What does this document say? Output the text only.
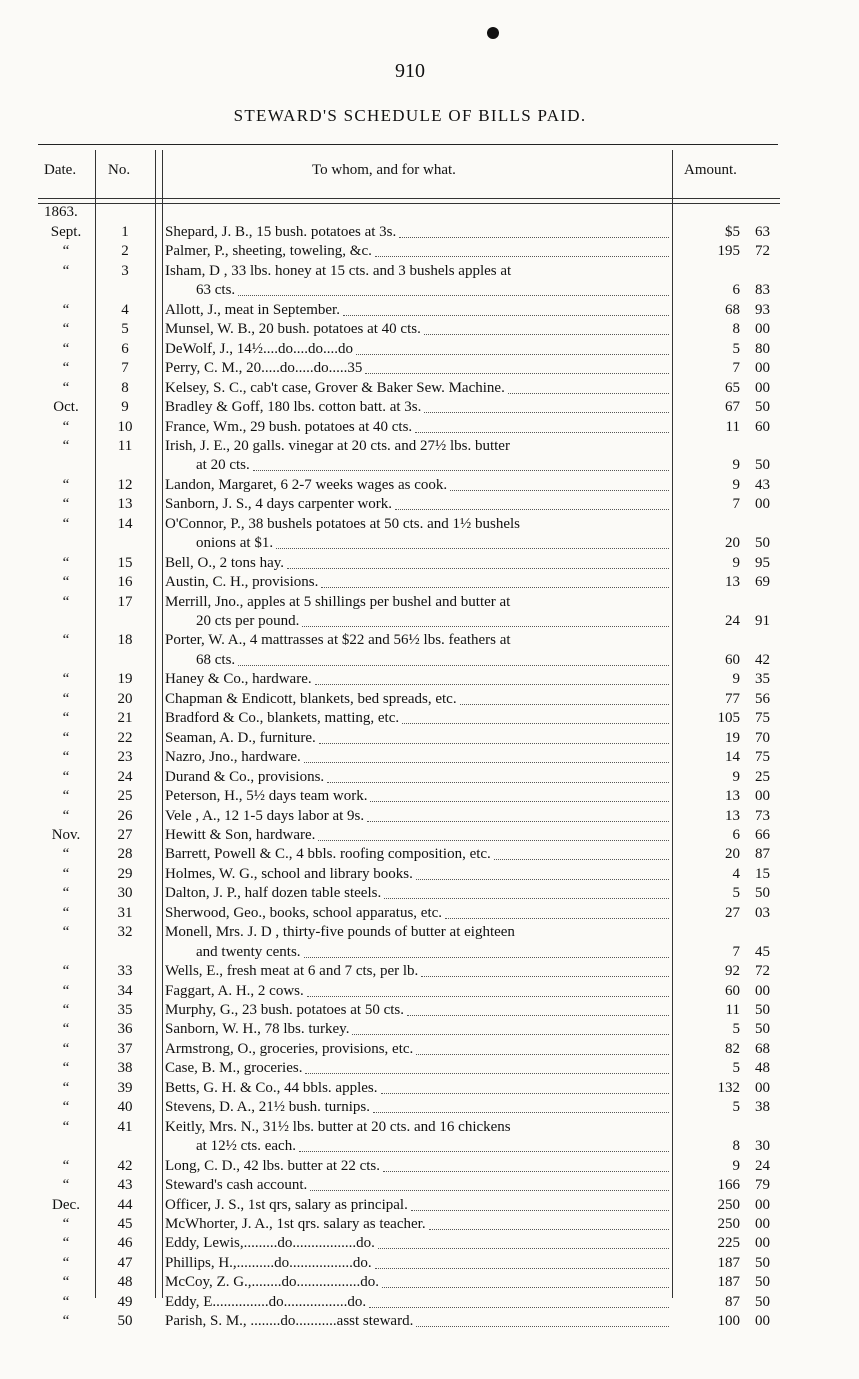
910
STEWARD'S SCHEDULE OF BILLS PAID.
Date. No.	To whom, and for what.	Amount.
1863.
Sept.	1	Shepard, J. B., 15 bush. potatoes at 3s.	$5	63
“	2	Palmer, P., sheeting, toweling, &c.	195	72
“	3	Isham, D , 33 lbs. honey at 15 cts. and 3 bushels apples at
63 cts.	6	83
“	4	Allott, J., meat in September.	68	93
“	5	Munsel, W. B., 20 bush. potatoes at 40 cts.	8	00
“	6	DeWolf, J., 14½....do....do....do	5	80
“	7	Perry, C. M., 20.....do.....do.....35	7	00
“	8	Kelsey, S. C., cab't case, Grover & Baker Sew. Machine.	65	00
Oct.	9	Bradley & Goff, 180 lbs. cotton batt. at 3s.	67	50
“	10	France, Wm., 29 bush. potatoes at 40 cts.	11	60
“	11	Irish, J. E., 20 galls. vinegar at 20 cts. and 27½ lbs. butter
at 20 cts.	9	50
“	12	Landon, Margaret, 6 2-7 weeks wages as cook.	9	43
“	13	Sanborn, J. S., 4 days carpenter work.	7	00
“	14	O'Connor, P., 38 bushels potatoes at 50 cts. and 1½ bushels
onions at $1.	20	50
“	15	Bell, O., 2 tons hay.	9	95
“	16	Austin, C. H., provisions.	13	69
“	17	Merrill, Jno., apples at 5 shillings per bushel and butter at
20 cts per pound.	24	91
“	18	Porter, W. A., 4 mattrasses at $22 and 56½ lbs. feathers at
68 cts.	60	42
“	19	Haney & Co., hardware.	9	35
“	20	Chapman & Endicott, blankets, bed spreads, etc.	77	56
“	21	Bradford & Co., blankets, matting, etc.	105	75
“	22	Seaman, A. D., furniture.	19	70
“	23	Nazro, Jno., hardware.	14	75
“	24	Durand & Co., provisions.	9	25
“	25	Peterson, H., 5½ days team work.	13	00
“	26	Vele , A., 12 1-5 days labor at 9s.	13	73
Nov.	27	Hewitt & Son, hardware.	6	66
“	28	Barrett, Powell & C., 4 bbls. roofing composition, etc.	20	87
“	29	Holmes, W. G., school and library books.	4	15
“	30	Dalton, J. P., half dozen table steels.	5	50
“	31	Sherwood, Geo., books, school apparatus, etc.	27	03
“	32	Monell, Mrs. J. D , thirty-five pounds of butter at eighteen
and twenty cents.	7	45
“	33	Wells, E., fresh meat at 6 and 7 cts, per lb.	92	72
“	34	Faggart, A. H., 2 cows.	60	00
“	35	Murphy, G., 23 bush. potatoes at 50 cts.	11	50
“	36	Sanborn, W. H., 78 lbs. turkey.	5	50
“	37	Armstrong, O., groceries, provisions, etc.	82	68
“	38	Case, B. M., groceries.	5	48
“	39	Betts, G. H. & Co., 44 bbls. apples.	132	00
“	40	Stevens, D. A., 21½ bush. turnips.	5	38
“	41	Keitly, Mrs. N., 31½ lbs. butter at 20 cts. and 16 chickens
at 12½ cts. each.	8	30
“	42	Long, C. D., 42 lbs. butter at 22 cts.	9	24
“	43	Steward's cash account.	166	79
Dec.	44	Officer, J. S., 1st qrs, salary as principal.	250	00
“	45	McWhorter, J. A., 1st qrs. salary as teacher.	250	00
“	46	Eddy, Lewis,.........do.................do.	225	00
“	47	Phillips, H.,..........do.................do.	187	50
“	48	McCoy, Z. G.,........do.................do.	187	50
“	49	Eddy, E...............do.................do.	87	50
“	50	Parish, S. M., ........do...........asst steward.	100	00
